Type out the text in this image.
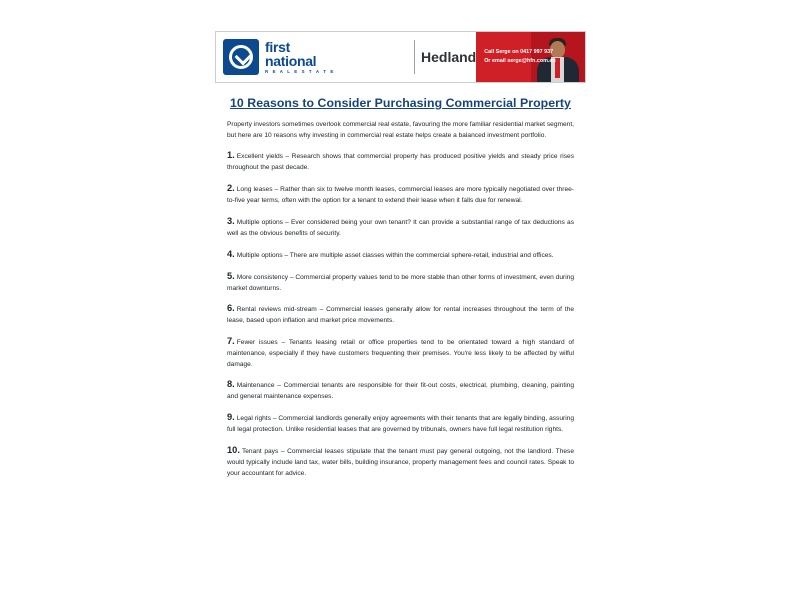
first
national
R E A L E S T A T E
Hedland Call Serge on 0417 997 937
Or email serge@hfn.com.au
10 Reasons to Consider Purchasing Commercial Property

Property investors sometimes overlook commercial real estate, favouring the more familiar residential market segment, but here are 10 reasons why investing in commercial real estate helps create a balanced investment portfolio.

1. Excellent yields – Research shows that commercial property has produced positive yields and steady price rises throughout the past decade.

2. Long leases – Rather than six to twelve month leases, commercial leases are more typically negotiated over three-to-five year terms, often with the option for a tenant to extend their lease when it falls due for renewal.

3. Multiple options – Ever considered being your own tenant? It can provide a substantial range of tax deductions as well as the obvious benefits of security.

4. Multiple options – There are multiple asset classes within the commercial sphere-retail, industrial and offices.

5. More consistency – Commercial property values tend to be more stable than other forms of investment, even during market downturns.

6. Rental reviews mid-stream – Commercial leases generally allow for rental increases throughout the term of the lease, based upon inflation and market price movements.

7. Fewer issues – Tenants leasing retail or office properties tend to be orientated toward a high standard of maintenance, especially if they have customers frequenting their premises. You're less likely to be affected by wilful damage.

8. Maintenance – Commercial tenants are responsible for their fit-out costs, electrical, plumbing, cleaning, painting and general maintenance expenses.

9. Legal rights – Commercial landlords generally enjoy agreements with their tenants that are legally binding, assuring full legal protection. Unlike residential leases that are governed by tribunals, owners have full legal restitution rights.

10. Tenant pays – Commercial leases stipulate that the tenant must pay general outgoing, not the landlord. These would typically include land tax, water bills, building insurance, property management fees and council rates. Speak to your accountant for advice.
